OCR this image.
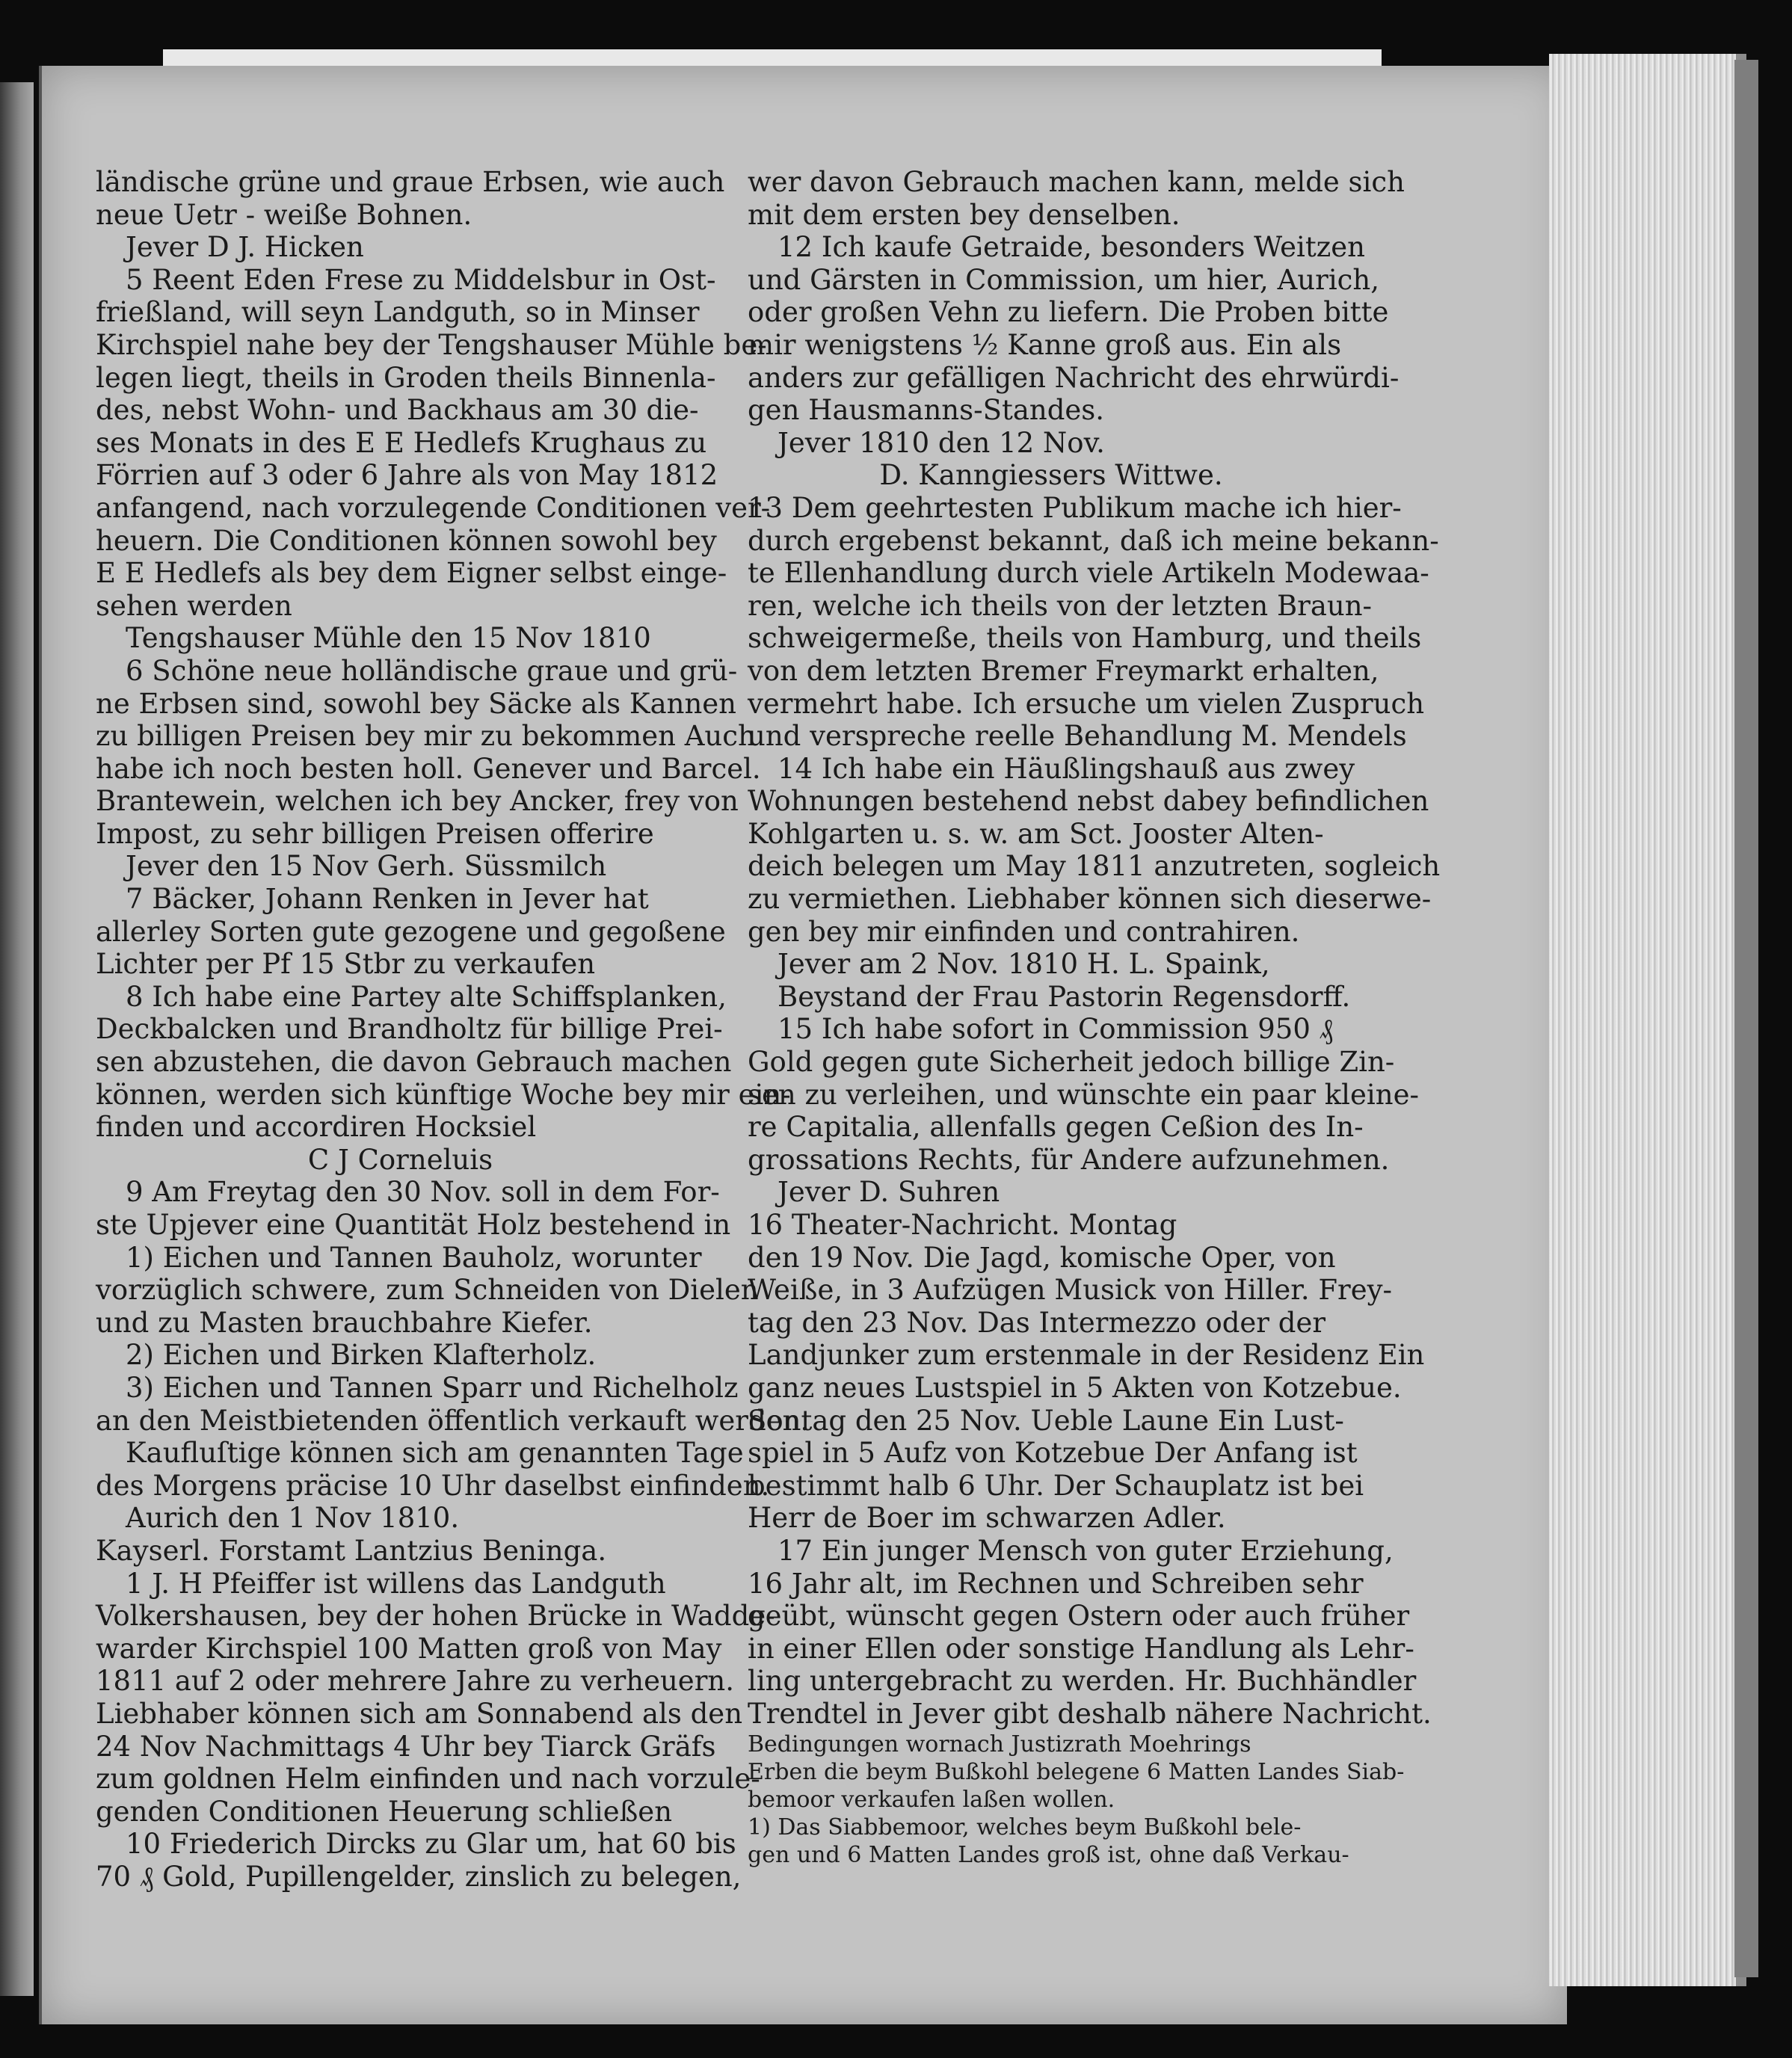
ländische grüne und graue Erbsen, wie auch
neue Uetr - weiße Bohnen.
Jever D J. Hicken
5 Reent Eden Frese zu Middelsbur in Ost-
frießland, will seyn Landguth, so in Minser
Kirchspiel nahe bey der Tengshauser Mühle be-
legen liegt, theils in Groden theils Binnenla-
des, nebst Wohn- und Backhaus am 30 die-
ses Monats in des E E Hedlefs Krughaus zu
Förrien auf 3 oder 6 Jahre als von May 1812
anfangend, nach vorzulegende Conditionen ver-
heuern. Die Conditionen können sowohl bey
E E Hedlefs als bey dem Eigner selbst einge-
sehen werden
Tengshauser Mühle den 15 Nov 1810
6 Schöne neue holländische graue und grü-
ne Erbsen sind, sowohl bey Säcke als Kannen
zu billigen Preisen bey mir zu bekommen Auch
habe ich noch besten holl. Genever und Barcel.
Brantewein, welchen ich bey Ancker, frey von
Impost, zu sehr billigen Preisen offerire
Jever den 15 Nov Gerh. Süssmilch
7 Bäcker, Johann Renken in Jever hat
allerley Sorten gute gezogene und gegoßene
Lichter per Pf 15 Stbr zu verkaufen
8 Ich habe eine Partey alte Schiffsplanken,
Deckbalcken und Brandholtz für billige Prei-
sen abzustehen, die davon Gebrauch machen
können, werden sich künftige Woche bey mir ein-
finden und accordiren Hocksiel
C J Corneluis
9 Am Freytag den 30 Nov. soll in dem For-
ste Upjever eine Quantität Holz bestehend in
1) Eichen und Tannen Bauholz, worunter
vorzüglich schwere, zum Schneiden von Dielen
und zu Masten brauchbahre Kiefer.
2) Eichen und Birken Klafterholz.
3) Eichen und Tannen Sparr und Richelholz
an den Meistbietenden öffentlich verkauft werden.
Kaufluſtige können sich am genannten Tage
des Morgens präcise 10 Uhr daselbst einfinden.
Aurich den 1 Nov 1810.
Kayserl. Forstamt Lantzius Beninga.
1 J. H Pfeiffer ist willens das Landguth
Volkershausen, bey der hohen Brücke in Wadde-
warder Kirchspiel 100 Matten groß von May
1811 auf 2 oder mehrere Jahre zu verheuern.
Liebhaber können sich am Sonnabend als den
24 Nov Nachmittags 4 Uhr bey Tiarck Gräfs
zum goldnen Helm einfinden und nach vorzule-
genden Conditionen Heuerung schließen
10 Friederich Dircks zu Glar um, hat 60 bis
70 ₰ Gold, Pupillengelder, zinslich zu belegen,
wer davon Gebrauch machen kann, melde sich
mit dem ersten bey denselben.
12 Ich kaufe Getraide, besonders Weitzen
und Gärsten in Commission, um hier, Aurich,
oder großen Vehn zu liefern. Die Proben bitte
mir wenigstens ½ Kanne groß aus. Ein als
anders zur gefälligen Nachricht des ehrwürdi-
gen Hausmanns-Standes.
Jever 1810 den 12 Nov.
D. Kanngiessers Wittwe.
13 Dem geehrtesten Publikum mache ich hier-
durch ergebenst bekannt, daß ich meine bekann-
te Ellenhandlung durch viele Artikeln Modewaa-
ren, welche ich theils von der letzten Braun-
schweigermeße, theils von Hamburg, und theils
von dem letzten Bremer Freymarkt erhalten,
vermehrt habe. Ich ersuche um vielen Zuspruch
und verspreche reelle Behandlung M. Mendels
14 Ich habe ein Häußlingshauß aus zwey
Wohnungen bestehend nebst dabey befindlichen
Kohlgarten u. s. w. am Sct. Jooster Alten-
deich belegen um May 1811 anzutreten, sogleich
zu vermiethen. Liebhaber können sich dieserwe-
gen bey mir einfinden und contrahiren.
Jever am 2 Nov. 1810 H. L. Spaink,
Beystand der Frau Pastorin Regensdorff.
15 Ich habe sofort in Commission 950 ₰
Gold gegen gute Sicherheit jedoch billige Zin-
sen zu verleihen, und wünschte ein paar kleine-
re Capitalia, allenfalls gegen Ceßion des In-
grossations Rechts, für Andere aufzunehmen.
Jever D. Suhren
16 Theater-Nachricht. Montag
den 19 Nov. Die Jagd, komische Oper, von
Weiße, in 3 Aufzügen Musick von Hiller. Frey-
tag den 23 Nov. Das Intermezzo oder der
Landjunker zum erstenmale in der Residenz Ein
ganz neues Lustspiel in 5 Akten von Kotzebue.
Sontag den 25 Nov. Ueble Laune Ein Lust-
spiel in 5 Aufz von Kotzebue Der Anfang ist
bestimmt halb 6 Uhr. Der Schauplatz ist bei
Herr de Boer im schwarzen Adler.
17 Ein junger Mensch von guter Erziehung,
16 Jahr alt, im Rechnen und Schreiben sehr
geübt, wünscht gegen Ostern oder auch früher
in einer Ellen oder sonstige Handlung als Lehr-
ling untergebracht zu werden. Hr. Buchhändler
Trendtel in Jever gibt deshalb nähere Nachricht.
Bedingungen wornach Justizrath Moehrings
Erben die beym Bußkohl belegene 6 Matten Landes Siab-
bemoor verkaufen laßen wollen.
1) Das Siabbemoor, welches beym Bußkohl bele-
gen und 6 Matten Landes groß ist, ohne daß Verkau-
